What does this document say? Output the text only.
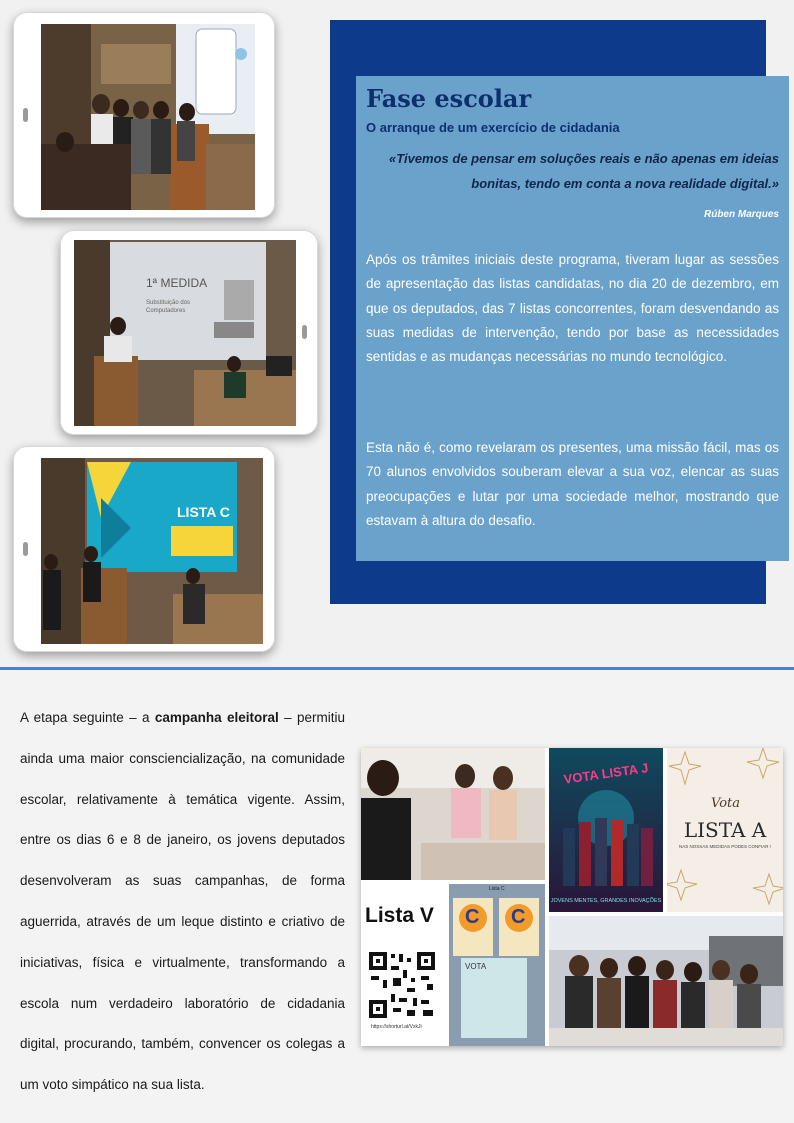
1ª MEDIDA
Substituição dos
Computadores
LISTA C
Fase escolar
O arranque de um exercício de cidadania
«Tivemos de pensar em soluções reais e não apenas em ideias bonitas, tendo em conta a nova realidade digital.»
Rúben Marques
Após os trâmites iniciais deste programa, tiveram lugar as sessões de apresentação das listas candidatas, no dia 20 de dezembro, em que os deputados, das 7 listas concorrentes, foram desvendando as suas medidas de intervenção, tendo por base as necessidades sentidas e as mudanças necessárias no mundo tecnológico.
Esta não é, como revelaram os presentes, uma missão fácil, mas os 70 alunos envolvidos souberam elevar a sua voz, elencar as suas preocupações e lutar por uma sociedade melhor, mostrando que estavam à altura do desafio.
A etapa seguinte – a campanha eleitoral – permitiu ainda uma maior consciencialização, na comunidade escolar, relativamente à temática vigente. Assim, entre os dias 6 e 8 de janeiro, os jovens deputados desenvolveram as suas campanhas, de forma aguerrida, através de um leque distinto e criativo de iniciativas, física e virtualmente, transformando a escola num verdadeiro laboratório de cidadania digital, procurando, também, convencer os colegas a um voto simpático na sua lista.
VOTA LISTA J
JOVENS MENTES, GRANDES INOVAÇÕES
Vota
LISTA A
NAS NOSSAS MEDIDAS PODES CONFIAR !
Lista V
https://shorturl.at/VxkJi
C C
VOTA
Lista C
